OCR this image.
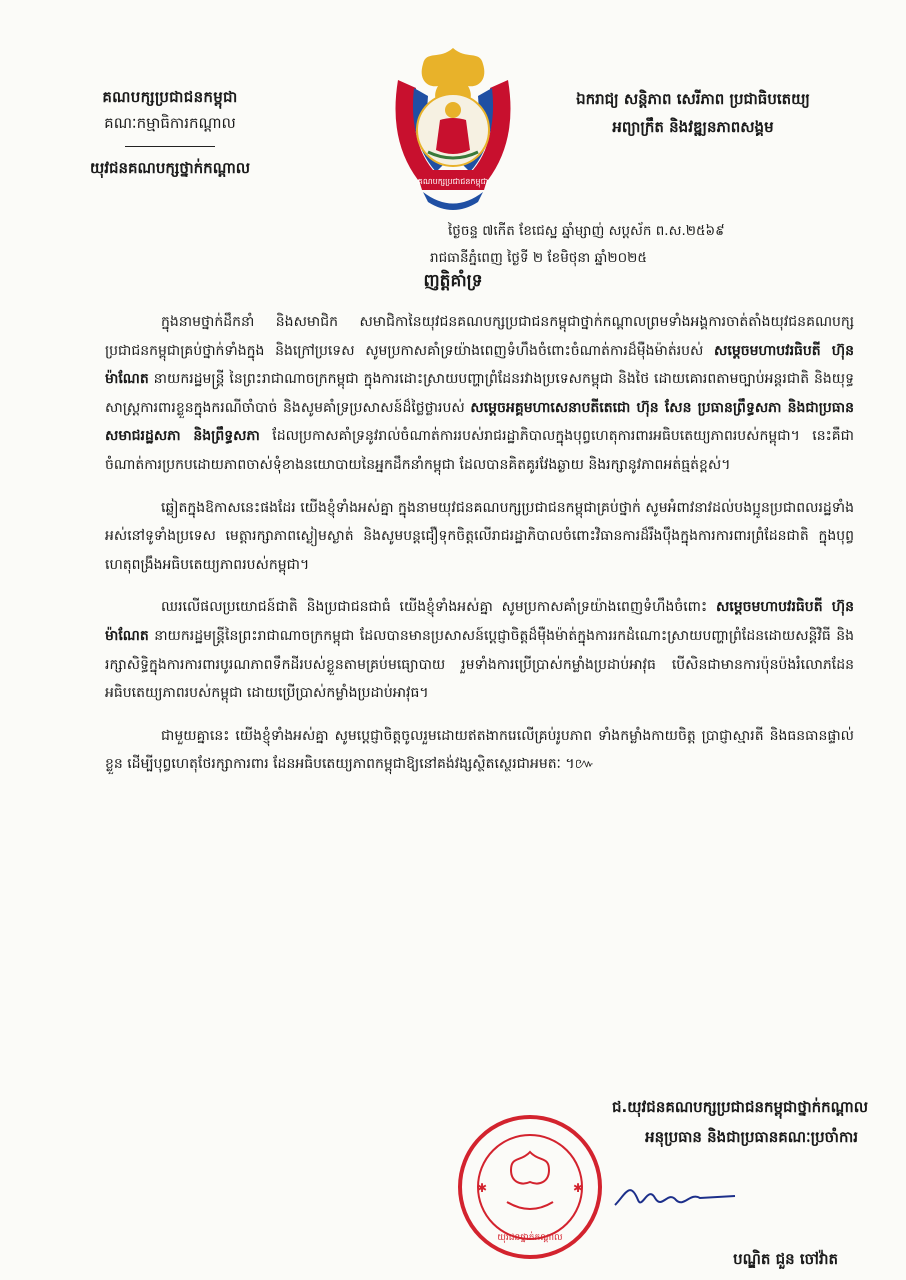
គណបក្សប្រជាជនកម្ពុជា
គណៈកម្មាធិការកណ្តាល
យុវជនគណបក្សថ្នាក់កណ្តាល
គណបក្សប្រជាជនកម្ពុជា
ឯករាជ្យ សន្តិភាព សេរីភាព ប្រជាធិបតេយ្យ
អព្យាក្រឹត និងវឌ្ឍនភាពសង្គម
ថ្ងៃចន្ទ ៧កើត ខែជេស្ឋ ឆ្នាំម្សាញ់ សប្តស័ក ព.ស.២៥៦៩
រាជធានីភ្នំពេញ ថ្ងៃទី ២ ខែមិថុនា ឆ្នាំ២០២៥
ញត្តិគាំទ្រ

ក្នុងនាមថ្នាក់ដឹកនាំ និងសមាជិក សមាជិកានៃយុវជនគណបក្សប្រជាជនកម្ពុជាថ្នាក់កណ្តាលព្រមទាំងអង្គការចាត់តាំងយុវជនគណបក្សប្រជាជនកម្ពុជាគ្រប់ថ្នាក់ទាំងក្នុង និងក្រៅប្រទេស សូមប្រកាសគាំទ្រយ៉ាងពេញទំហឹងចំពោះចំណាត់ការដ៏ម៉ឺងម៉ាត់របស់ សម្តេចមហាបវរធិបតី ហ៊ុន ម៉ាណែត នាយករដ្ឋមន្ត្រី នៃព្រះរាជាណាចក្រកម្ពុជា ក្នុងការដោះស្រាយបញ្ហាព្រំដែនរវាងប្រទេសកម្ពុជា និងថៃ ដោយគោរពតាមច្បាប់អន្តរជាតិ និងយុទ្ធសាស្ត្រការពារខ្លួនក្នុងករណីចាំបាច់ និងសូមគាំទ្រប្រសាសន៍ដ៏ថ្លៃថ្លារបស់ សម្តេចអគ្គមហាសេនាបតីតេជោ ហ៊ុន សែន ប្រធានព្រឹទ្ធសភា និងជាប្រធានសមាជរដ្ឋសភា និងព្រឹទ្ធសភា ដែលប្រកាសគាំទ្រនូវរាល់ចំណាត់ការរបស់រាជរដ្ឋាភិបាលក្នុងបុព្វហេតុការពារអធិបតេយ្យភាពរបស់កម្ពុជា។ នេះគឺជាចំណាត់ការប្រកបដោយភាពចាស់ទុំខាងនយោបាយនៃអ្នកដឹកនាំកម្ពុជា ដែលបានគិតគូរវែងឆ្ងាយ និងរក្សានូវភាពអត់ធ្មត់ខ្ពស់។

ឆ្លៀតក្នុងឱកាសនេះផងដែរ យើងខ្ញុំទាំងអស់គ្នា ក្នុងនាមយុវជនគណបក្សប្រជាជនកម្ពុជាគ្រប់ថ្នាក់ សូមអំពាវនាវដល់បងប្អូនប្រជាពលរដ្ឋទាំងអស់នៅទូទាំងប្រទេស មេត្តារក្សាភាពស្ងៀមស្ងាត់ និងសូមបន្តជឿទុកចិត្តលើរាជរដ្ឋាភិបាលចំពោះវិធានការដ៏រឹងប៉ឹងក្នុងការការពារព្រំដែនជាតិ ក្នុងបុព្វហេតុពង្រឹងអធិបតេយ្យភាពរបស់កម្ពុជា។

ឈរលើផលប្រយោជន៍ជាតិ និងប្រជាជនជាធំ យើងខ្ញុំទាំងអស់គ្នា សូមប្រកាសគាំទ្រយ៉ាងពេញទំហឹងចំពោះ សម្តេចមហាបវរធិបតី ហ៊ុន ម៉ាណែត នាយករដ្ឋមន្ត្រីនៃព្រះរាជាណាចក្រកម្ពុជា ដែលបានមានប្រសាសន៍ប្តេជ្ញាចិត្តដ៏ម៉ឺងម៉ាត់ក្នុងការរកដំណោះស្រាយបញ្ហាព្រំដែនដោយសន្តិវិធី និងរក្សាសិទ្ធិក្នុងការការពារបូរណភាពទឹកដីរបស់ខ្លួនតាមគ្រប់មធ្យោបាយ រួមទាំងការប្រើប្រាស់កម្លាំងប្រដាប់អាវុធ បើសិនជាមានការប៉ុនប៉ងរំលោភដែនអធិបតេយ្យភាពរបស់កម្ពុជា ដោយប្រើប្រាស់កម្លាំងប្រដាប់អាវុធ។

ជាមួយគ្នានេះ យើងខ្ញុំទាំងអស់គ្នា សូមប្តេជ្ញាចិត្តចូលរួមដោយឥតងាករេលើគ្រប់រូបភាព ទាំងកម្លាំងកាយចិត្ត ប្រាជ្ញាស្មារតី និងធនធានផ្ទាល់ខ្លួន ដើម្បីបុព្វហេតុថែរក្សាការពារ ដែនអធិបតេយ្យភាពកម្ពុជាឱ្យនៅគង់វង្សស្ថិតស្ថេរជាអមតៈ ។៚

យុវជនថ្នាក់កណ្តាល
✱	✱
ជ.យុវជនគណបក្សប្រជាជនកម្ពុជាថ្នាក់កណ្តាល
អនុប្រធាន និងជាប្រធានគណៈប្រចាំការ
បណ្ឌិត ជួន ចៅវ៉ាត
